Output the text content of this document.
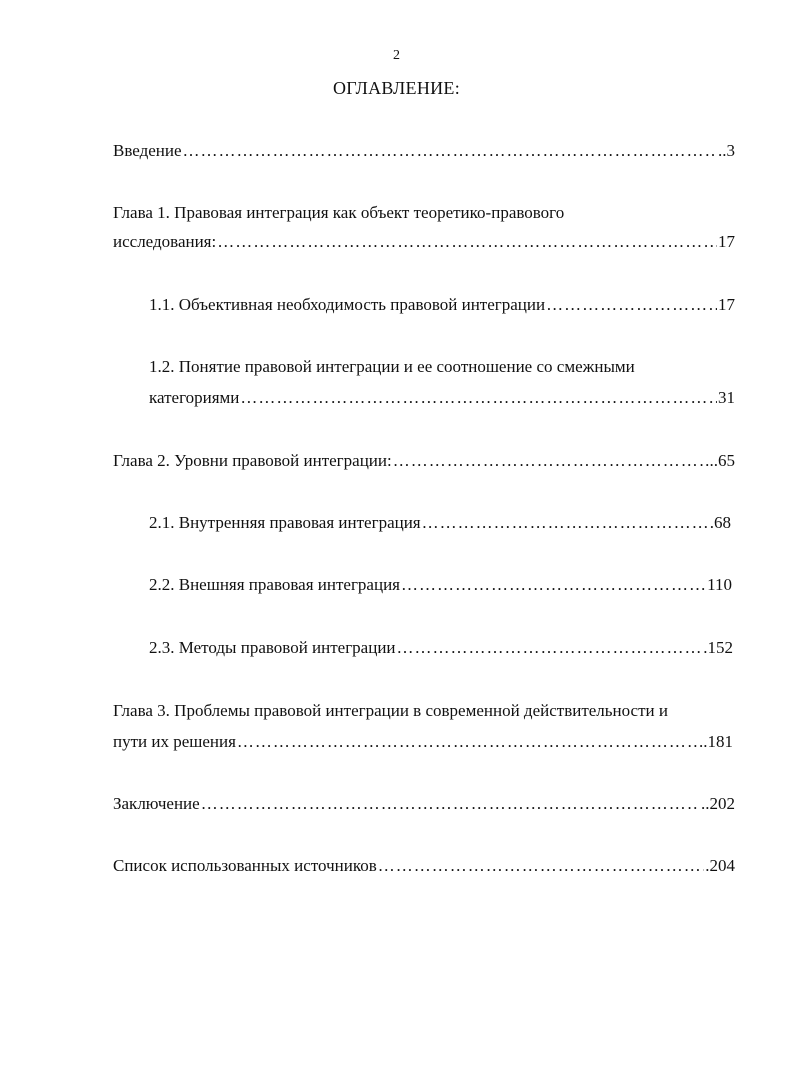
2
ОГЛАВЛЕНИЕ:
Введение ……………………………………………………………………………………………………………………………………………………………………	..3
Глава 1. Правовая интеграция как объект теоретико-правового
исследования: ……………………………………………………………………………………………………………………………………………………………………	17
1.1. Объективная необходимость правовой интеграции ……………………………………………………………………………………………………………………………………………………………………	17
1.2. Понятие правовой интеграции и ее соотношение со смежными
категориями ……………………………………………………………………………………………………………………………………………………………………	31
Глава 2. Уровни правовой интеграции: ……………………………………………………………………………………………………………………………………………………………………	..65
2.1. Внутренняя правовая интеграция ……………………………………………………………………………………………………………………………………………………………………	.68
2.2. Внешняя правовая интеграция ……………………………………………………………………………………………………………………………………………………………………	110
2.3. Методы правовой интеграции ……………………………………………………………………………………………………………………………………………………………………	.152
Глава 3. Проблемы правовой интеграции в современной действительности и
пути их решения ……………………………………………………………………………………………………………………………………………………………………	..181
Заключение ……………………………………………………………………………………………………………………………………………………………………	..202
Список использованных источников ……………………………………………………………………………………………………………………………………………………………………	.204
